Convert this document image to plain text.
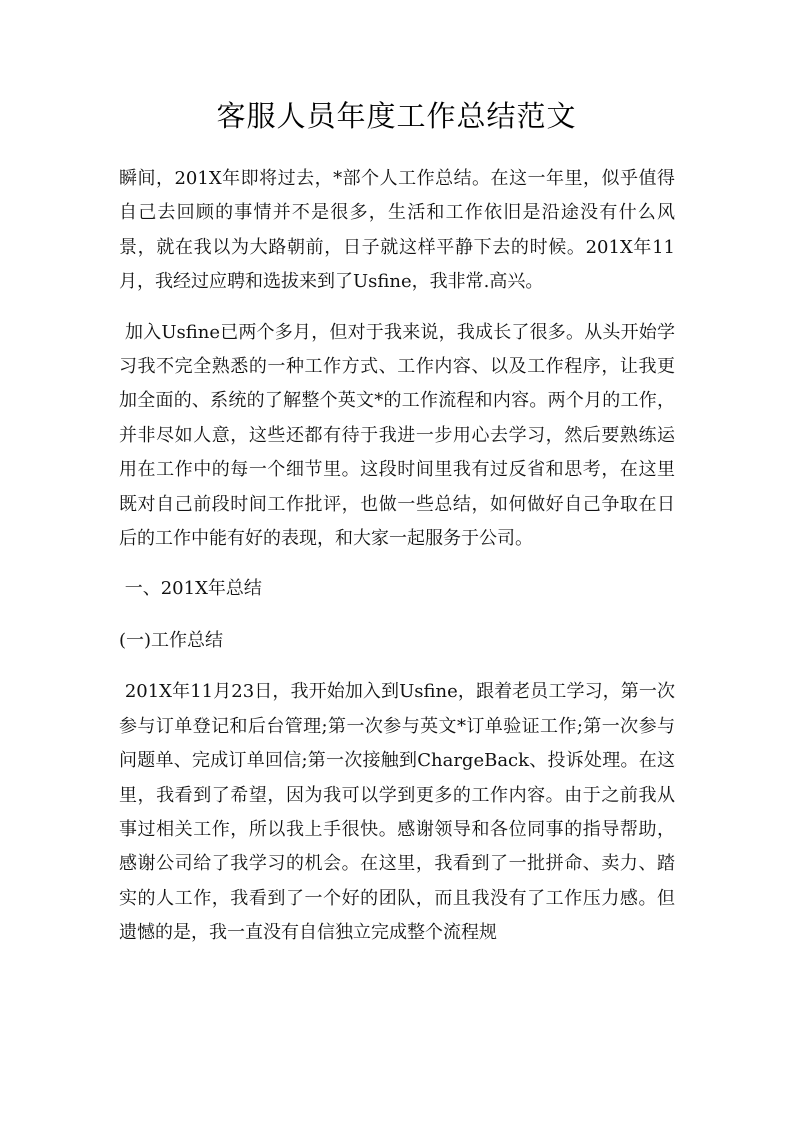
客服人员年度工作总结范文

瞬间，201X年即将过去，*部个人工作总结。在这一年里，似乎值得自己去回顾的事情并不是很多，生活和工作依旧是沿途没有什么风景，就在我以为大路朝前，日子就这样平静下去的时候。201X年11月，我经过应聘和选拔来到了Usfine，我非常.高兴。

加入Usfine已两个多月，但对于我来说，我成长了很多。从头开始学习我不完全熟悉的一种工作方式、工作内容、以及工作程序，让我更加全面的、系统的了解整个英文*的工作流程和内容。两个月的工作，并非尽如人意，这些还都有待于我进一步用心去学习，然后要熟练运用在工作中的每一个细节里。这段时间里我有过反省和思考，在这里既对自己前段时间工作批评，也做一些总结，如何做好自己争取在日后的工作中能有好的表现，和大家一起服务于公司。

一、201X年总结

(一)工作总结

201X年11月23日，我开始加入到Usfine，跟着老员工学习，第一次参与订单登记和后台管理;第一次参与英文*订单验证工作;第一次参与问题单、完成订单回信;第一次接触到ChargeBack、投诉处理。在这里，我看到了希望，因为我可以学到更多的工作内容。由于之前我从事过相关工作，所以我上手很快。感谢领导和各位同事的指导帮助，感谢公司给了我学习的机会。在这里，我看到了一批拼命、卖力、踏实的人工作，我看到了一个好的团队，而且我没有了工作压力感。但遗憾的是，我一直没有自信独立完成整个流程规
